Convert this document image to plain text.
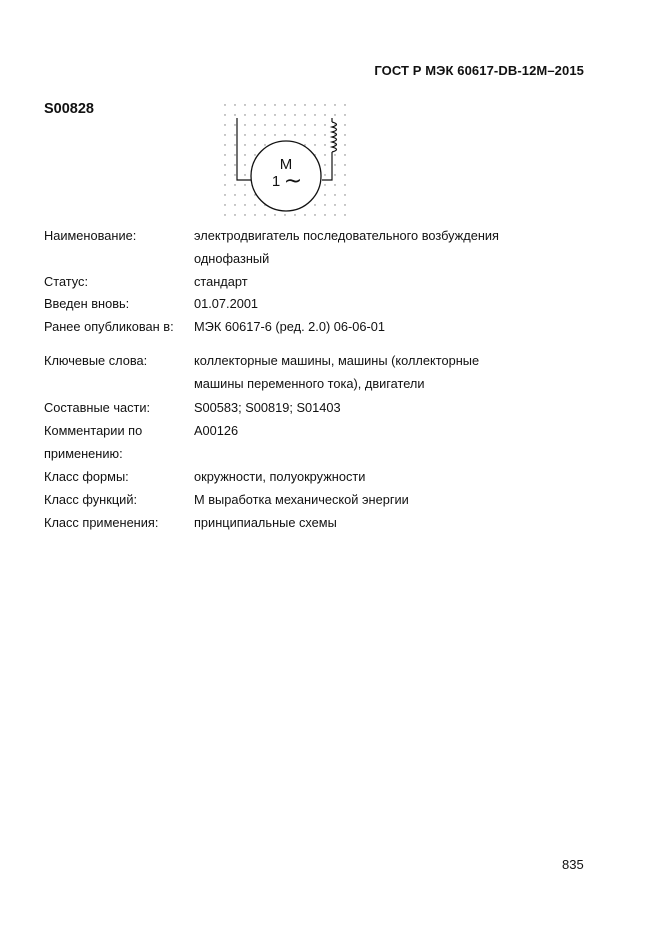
ГОСТ Р МЭК 60617-DB-12M–2015
S00828
M
1 ~
Наименование:	электродвигатель последовательного возбуждения
однофазный
Статус:	стандарт
Введен вновь:	01.07.2001
Ранее опубликован в:	МЭК 60617-6 (ред. 2.0) 06-06-01
Ключевые слова:	коллекторные машины, машины (коллекторные
машины переменного тока), двигатели
Составные части:	S00583; S00819; S01403
Комментарии по
применению:
A00126
Класс формы:	окружности, полуокружности
Класс функций:	M выработка механической энергии
Класс применения:	принципиальные схемы
835
